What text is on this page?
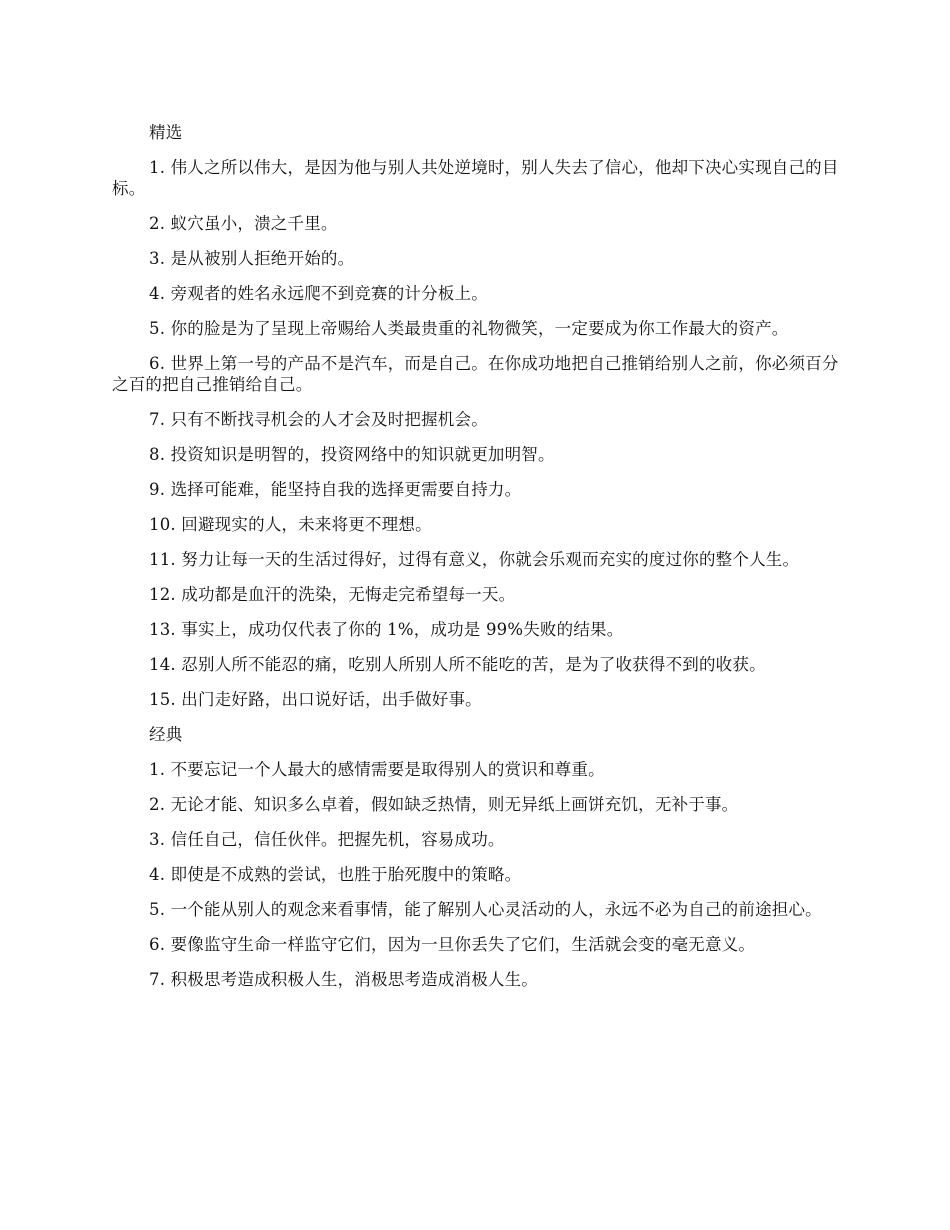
精选

1. 伟人之所以伟大，是因为他与别人共处逆境时，别人失去了信心，他却下决心实现自己的目标。

2. 蚁穴虽小，溃之千里。

3. 是从被别人拒绝开始的。

4. 旁观者的姓名永远爬不到竞赛的计分板上。

5. 你的脸是为了呈现上帝赐给人类最贵重的礼物微笑，一定要成为你工作最大的资产。

6. 世界上第一号的产品不是汽车，而是自己。在你成功地把自己推销给别人之前，你必须百分之百的把自己推销给自己。

7. 只有不断找寻机会的人才会及时把握机会。

8. 投资知识是明智的，投资网络中的知识就更加明智。

9. 选择可能难，能坚持自我的选择更需要自持力。

10. 回避现实的人，未来将更不理想。

11. 努力让每一天的生活过得好，过得有意义，你就会乐观而充实的度过你的整个人生。

12. 成功都是血汗的洗染，无悔走完希望每一天。

13. 事实上，成功仅代表了你的 1%，成功是 99%失败的结果。

14. 忍别人所不能忍的痛，吃别人所别人所不能吃的苦，是为了收获得不到的收获。

15. 出门走好路，出口说好话，出手做好事。

经典

1. 不要忘记一个人最大的感情需要是取得别人的赏识和尊重。

2. 无论才能、知识多么卓着，假如缺乏热情，则无异纸上画饼充饥，无补于事。

3. 信任自己，信任伙伴。把握先机，容易成功。

4. 即使是不成熟的尝试，也胜于胎死腹中的策略。

5. 一个能从别人的观念来看事情，能了解别人心灵活动的人，永远不必为自己的前途担心。

6. 要像监守生命一样监守它们，因为一旦你丢失了它们，生活就会变的毫无意义。

7. 积极思考造成积极人生，消极思考造成消极人生。
